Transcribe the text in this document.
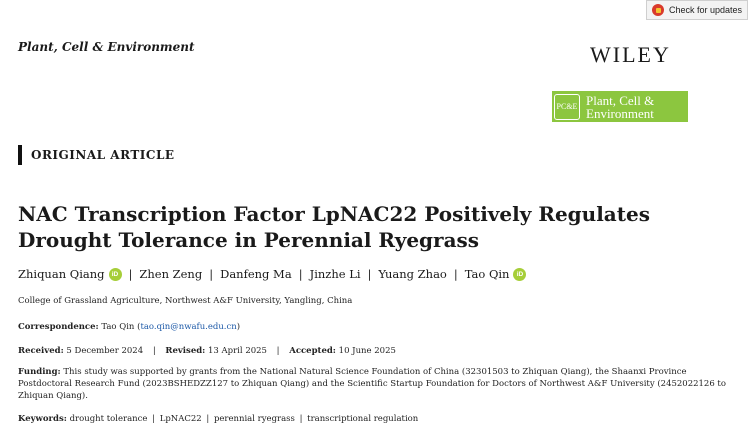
Check for updates
Plant, Cell & Environment	WILEY
PC&E Plant, Cell &
Environment
ORIGINAL ARTICLE
NAC Transcription Factor LpNAC22 Positively Regulates
Drought Tolerance in Perennial Ryegrass
Zhiquan Qiang	iD | Zhen Zeng | Danfeng Ma | Jinzhe Li | Yuang Zhao | Tao Qin	iD
College of Grassland Agriculture, Northwest A&F University, Yangling, China
Correspondence: Tao Qin (tao.qin@nwafu.edu.cn)
Received: 5 December 2024 | Revised: 13 April 2025 | Accepted: 10 June 2025

Funding: This study was supported by grants from the National Natural Science Foundation of China (32301503 to Zhiquan Qiang), the Shaanxi Province Postdoctoral Research Fund (2023BSHEDZZ127 to Zhiquan Qiang) and the Scientific Startup Foundation for Doctors of Northwest A&F University (2452022126 to Zhiquan Qiang).

Keywords: drought tolerance | LpNAC22 | perennial ryegrass | transcriptional regulation
